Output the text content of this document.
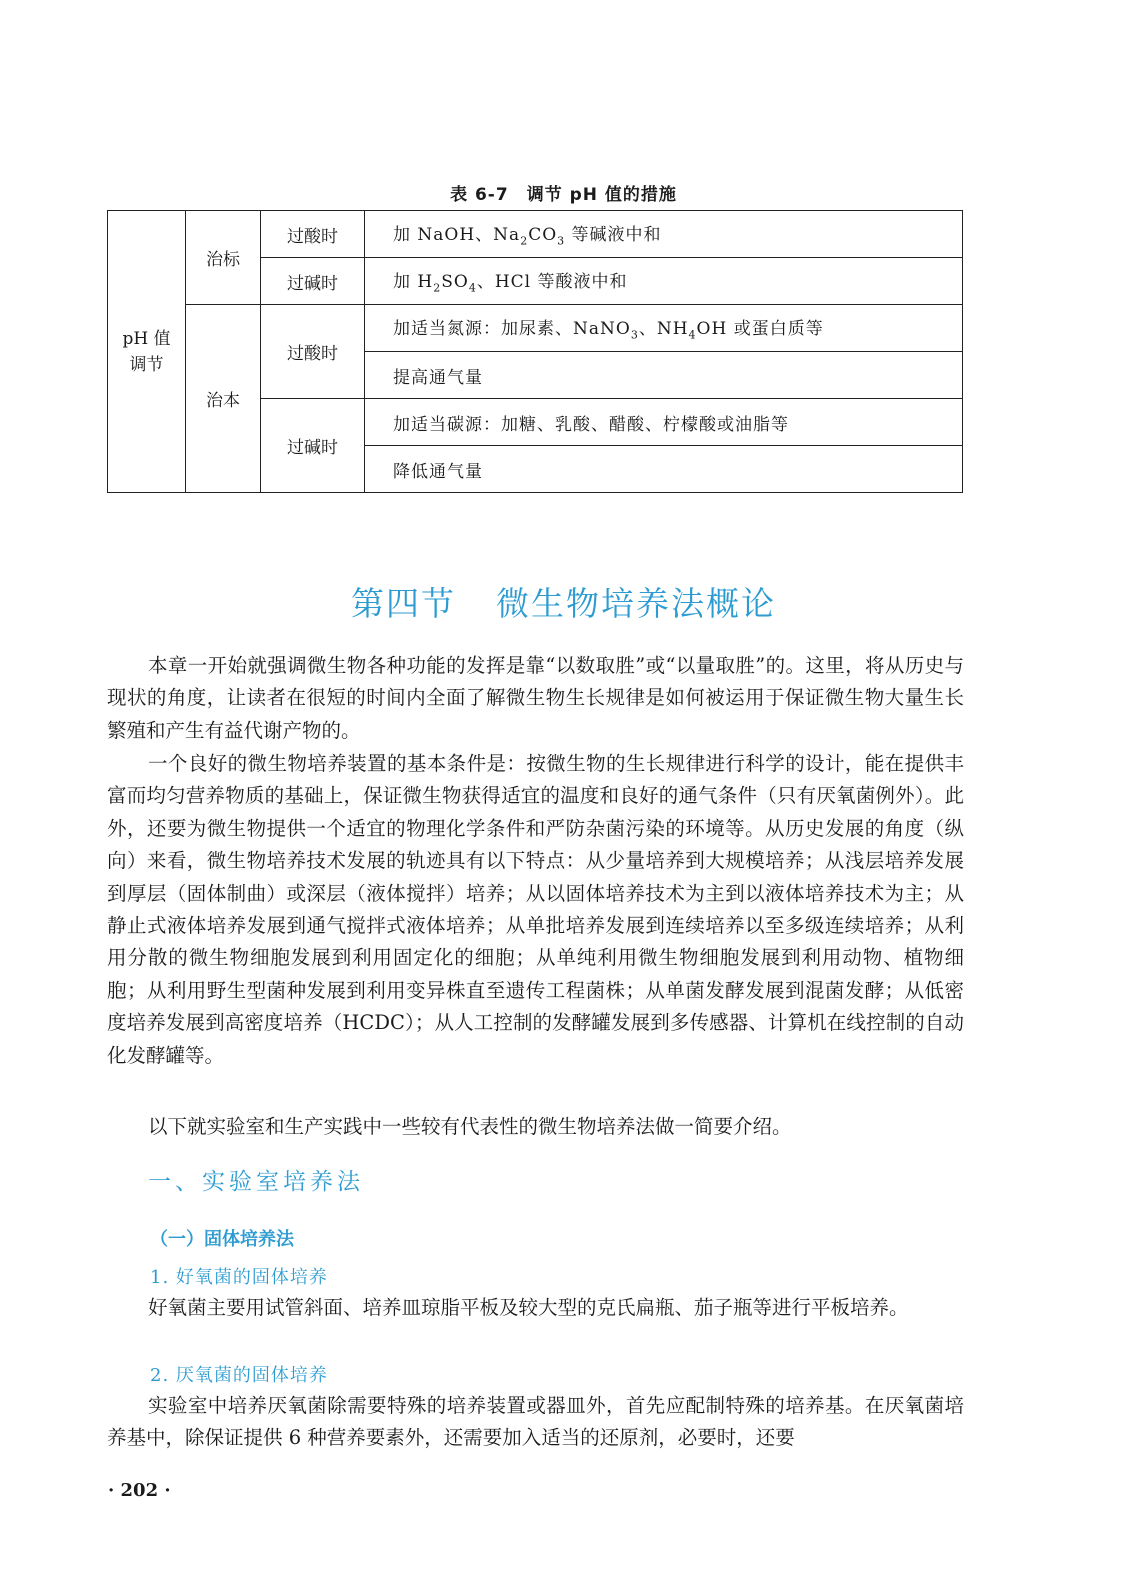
表 6-7　调节 pH 值的措施
pH 值
调节	治标	过酸时	加 NaOH、$Na_2CO_3$ 等碱液中和
		过碱时	加 $H_2SO_4$、HCl 等酸液中和
	治本	过酸时	加适当氮源：加尿素、NaNO$_3$、$NH_4OH$ 或蛋白质等
			提高通气量
		过碱时	加适当碳源：加糖、乳酸、醋酸、柠檬酸或油脂等
			降低通气量
第四节 微生物培养法概论

本章一开始就强调微生物各种功能的发挥是靠“以数取胜”或“以量取胜”的。这里，将从历史与现状的角度，让读者在很短的时间内全面了解微生物生长规律是如何被运用于保证微生物大量生长繁殖和产生有益代谢产物的。

一个良好的微生物培养装置的基本条件是：按微生物的生长规律进行科学的设计，能在提供丰富而均匀营养物质的基础上，保证微生物获得适宜的温度和良好的通气条件（只有厌氧菌例外）。此外，还要为微生物提供一个适宜的物理化学条件和严防杂菌污染的环境等。从历史发展的角度（纵向）来看，微生物培养技术发展的轨迹具有以下特点：从少量培养到大规模培养；从浅层培养发展到厚层（固体制曲）或深层（液体搅拌）培养；从以固体培养技术为主到以液体培养技术为主；从静止式液体培养发展到通气搅拌式液体培养；从单批培养发展到连续培养以至多级连续培养；从利用分散的微生物细胞发展到利用固定化的细胞；从单纯利用微生物细胞发展到利用动物、植物细胞；从利用野生型菌种发展到利用变异株直至遗传工程菌株；从单菌发酵发展到混菌发酵；从低密度培养发展到高密度培养（HCDC）；从人工控制的发酵罐发展到多传感器、计算机在线控制的自动化发酵罐等。

以下就实验室和生产实践中一些较有代表性的微生物培养法做一简要介绍。

一、实验室培养法

（一）固体培养法

1. 好氧菌的固体培养

好氧菌主要用试管斜面、培养皿琼脂平板及较大型的克氏扁瓶、茄子瓶等进行平板培养。

2. 厌氧菌的固体培养

实验室中培养厌氧菌除需要特殊的培养装置或器皿外，首先应配制特殊的培养基。在厌氧菌培养基中，除保证提供 6 种营养要素外，还需要加入适当的还原剂，必要时，还要

· 202 ·
